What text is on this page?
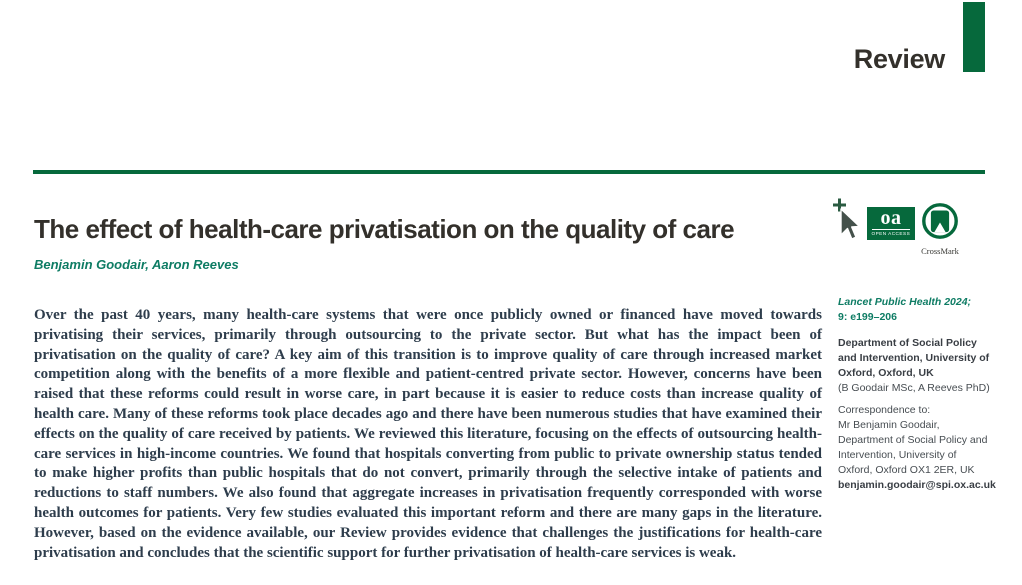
Review
The effect of health-care privatisation on the quality of care
Benjamin Goodair, Aaron Reeves
oa
OPEN ACCESS
CrossMark

Over the past 40 years, many health-care systems that were once publicly owned or financed have moved towards privatising their services, primarily through outsourcing to the private sector. But what has the impact been of privatisation on the quality of care? A key aim of this transition is to improve quality of care through increased market competition along with the benefits of a more flexible and patient-centred private sector. However, concerns have been raised that these reforms could result in worse care, in part because it is easier to reduce costs than increase quality of health care. Many of these reforms took place decades ago and there have been numerous studies that have examined their effects on the quality of care received by patients. We reviewed this literature, focusing on the effects of outsourcing health-care services in high-income countries. We found that hospitals converting from public to private ownership status tended to make higher profits than public hospitals that do not convert, primarily through the selective intake of patients and reductions to staff numbers. We also found that aggregate increases in privatisation frequently corresponded with worse health outcomes for patients. Very few studies evaluated this important reform and there are many gaps in the literature. However, based on the evidence available, our Review provides evidence that challenges the justifications for health-care privatisation and concludes that the scientific support for further privatisation of health-care services is weak.

Lancet Public Health 2024;
9: e199–206
Department of Social Policy
and Intervention, University of
Oxford, Oxford, UK
(B Goodair MSc, A Reeves PhD)
Correspondence to:
Mr Benjamin Goodair,
Department of Social Policy and
Intervention, University of
Oxford, Oxford OX1 2ER, UK
benjamin.goodair@spi.ox.ac.uk
